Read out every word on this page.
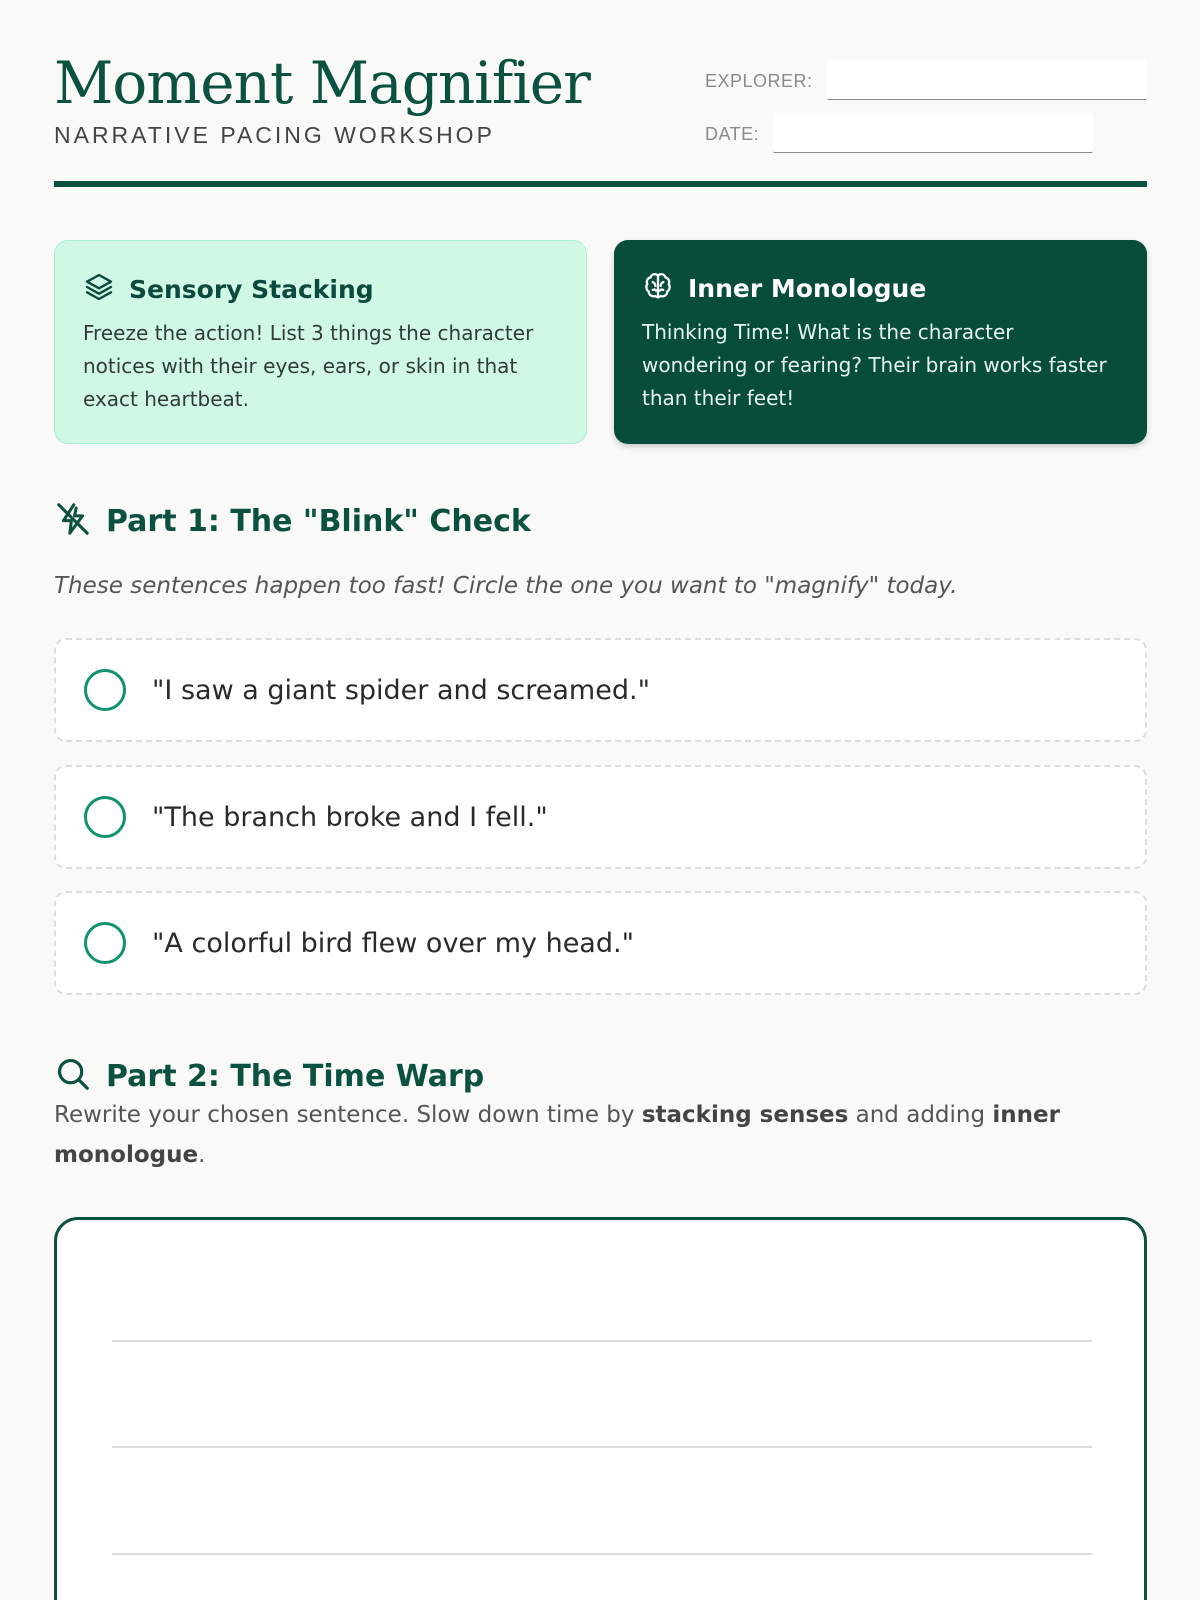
Moment Magnifier
NARRATIVE PACING WORKSHOP
EXPLORER:
DATE:
Sensory Stacking
Freeze the action! List 3 things the character notices with their eyes, ears, or skin in that exact heartbeat.
Inner Monologue
Thinking Time! What is the character wondering or fearing? Their brain works faster than their feet!
Part 1: The "Blink" Check
These sentences happen too fast! Circle the one you want to "magnify" today.
"I saw a giant spider and screamed."
"The branch broke and I fell."
"A colorful bird flew over my head."
Part 2: The Time Warp
Rewrite your chosen sentence. Slow down time by stacking senses and adding inner monologue.
